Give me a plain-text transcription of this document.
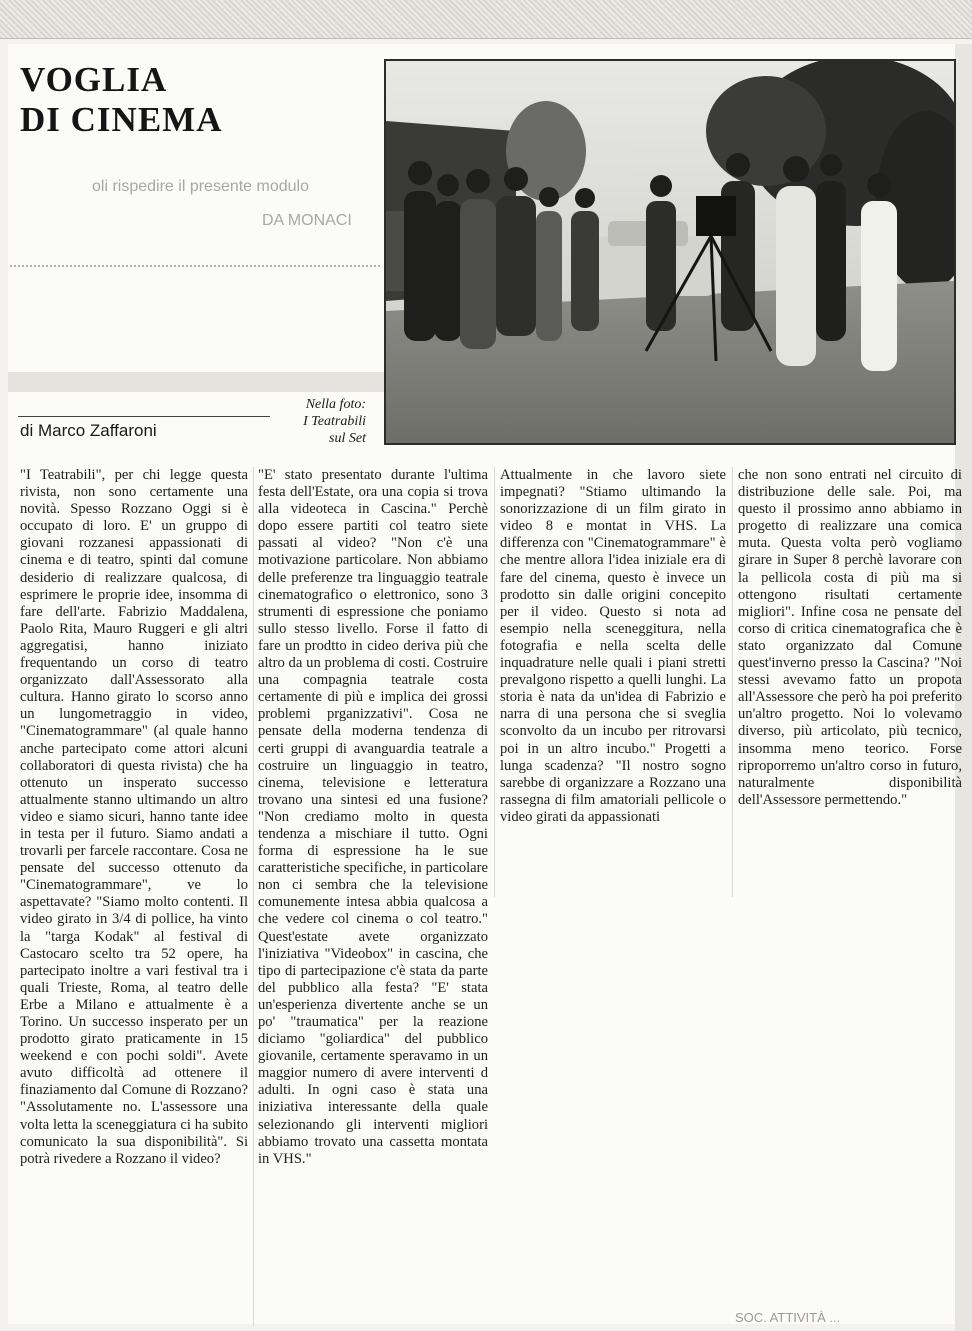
oli rispedire il presente modulo
DA MONACI
VOGLIA
DI CINEMA
Nella foto:
I Teatrabili
sul Set
di Marco Zaffaroni
"I Teatrabili", per chi legge questa rivista, non sono certamente una novità. Spesso Rozzano Oggi si è occupato di loro. E' un gruppo di giovani rozzanesi appassionati di cinema e di teatro, spinti dal comune desiderio di realizzare qualcosa, di esprimere le proprie idee, insomma di fare dell'arte. Fabrizio Maddalena, Paolo Rita, Mauro Ruggeri e gli altri aggregatisi, hanno iniziato frequentando un corso di teatro organizzato dall'Assessorato alla cultura. Hanno girato lo scorso anno un lungometraggio in video, "Cinematogrammare" (al quale hanno anche partecipato come attori alcuni collaboratori di questa rivista) che ha ottenuto un insperato successo attualmente stanno ultimando un altro video e siamo sicuri, hanno tante idee in testa per il futuro. Siamo andati a trovarli per farcele raccontare. Cosa ne pensate del successo ottenuto da "Cinematogrammare", ve lo aspettavate? "Siamo molto contenti. Il video girato in 3/4 di pollice, ha vinto la "targa Kodak" al festival di Castocaro scelto tra 52 opere, ha partecipato inoltre a vari festival tra i quali Trieste, Roma, al teatro delle Erbe a Milano e attualmente è a Torino. Un successo insperato per un prodotto girato praticamente in 15 weekend e con pochi soldi". Avete avuto difficoltà ad ottenere il finaziamento dal Comune di Rozzano? "Assolutamente no. L'assessore una volta letta la sceneggiatura ci ha subito comunicato la sua disponibilità". Si potrà rivedere a Rozzano il video?
"E' stato presentato durante l'ultima festa dell'Estate, ora una copia si trova alla videoteca in Cascina." Perchè dopo essere partiti col teatro siete passati al video? "Non c'è una motivazione particolare. Non abbiamo delle preferenze tra linguaggio teatrale cinematografico o elettronico, sono 3 strumenti di espressione che poniamo sullo stesso livello. Forse il fatto di fare un prodtto in cideo deriva più che altro da un problema di costi. Costruire una compagnia teatrale costa certamente di più e implica dei grossi problemi prganizzativi". Cosa ne pensate della moderna tendenza di certi gruppi di avanguardia teatrale a costruire un linguaggio in teatro, cinema, televisione e letteratura trovano una sintesi ed una fusione? "Non crediamo molto in questa tendenza a mischiare il tutto. Ogni forma di espressione ha le sue caratteristiche specifiche, in particolare non ci sembra che la televisione comunemente intesa abbia qualcosa a che vedere col cinema o col teatro." Quest'estate avete organizzato l'iniziativa "Videobox" in cascina, che tipo di partecipazione c'è stata da parte del pubblico alla festa? "E' stata un'esperienza divertente anche se un po' "traumatica" per la reazione diciamo "goliardica" del pubblico giovanile, certamente speravamo in un maggior numero di avere interventi d adulti. In ogni caso è stata una iniziativa interessante della quale selezionando gli interventi migliori abbiamo trovato una cassetta montata in VHS."
Attualmente in che lavoro siete impegnati? "Stiamo ultimando la sonorizzazione di un film girato in video 8 e montat in VHS. La differenza con "Cinematogrammare" è che mentre allora l'idea iniziale era di fare del cinema, questo è invece un prodotto sin dalle origini concepito per il video. Questo si nota ad esempio nella sceneggitura, nella fotografia e nella scelta delle inquadrature nelle quali i piani stretti prevalgono rispetto a quelli lunghi. La storia è nata da un'idea di Fabrizio e narra di una persona che si sveglia sconvolto da un incubo per ritrovarsi poi in un altro incubo." Progetti a lunga scadenza? "Il nostro sogno sarebbe di organizzare a Rozzano una rassegna di film amatoriali pellicole o video girati da appassionati
che non sono entrati nel circuito di distribuzione delle sale. Poi, ma questo il prossimo anno abbiamo in progetto di realizzare una comica muta. Questa volta però vogliamo girare in Super 8 perchè lavorare con la pellicola costa di più ma si ottengono risultati certamente migliori". Infine cosa ne pensate del corso di critica cinematografica che è stato organizzato dal Comune quest'inverno presso la Cascina? "Noi stessi avevamo fatto un propota all'Assessore che però ha poi preferito un'altro progetto. Noi lo volevamo diverso, più articolato, più tecnico, insomma meno teorico. Forse riproporremo un'altro corso in futuro, naturalmente disponibilità dell'Assessore permettendo."
SOC. ATTIVITÀ ...
